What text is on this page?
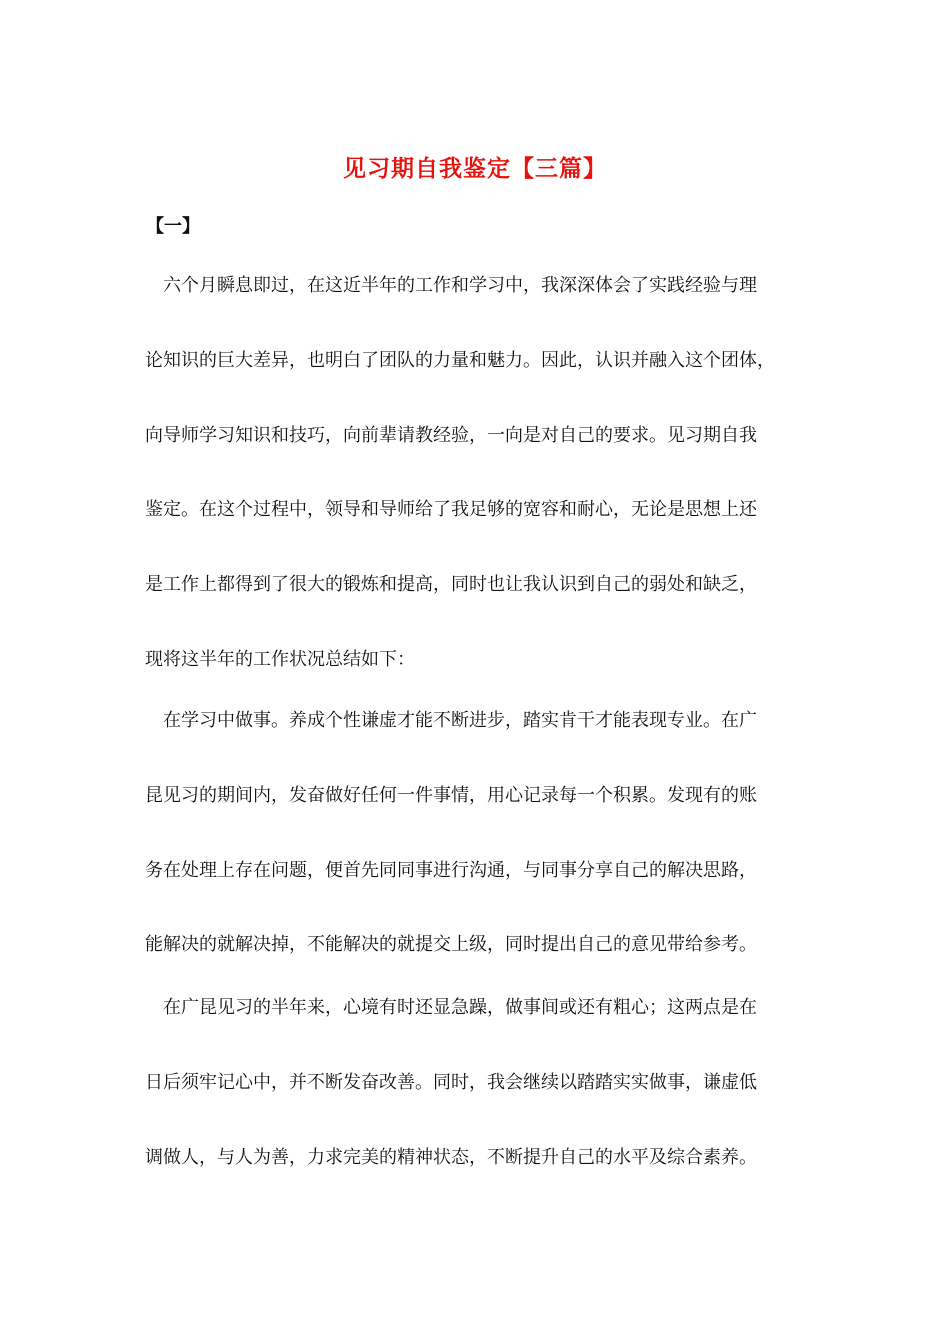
见习期自我鉴定【三篇】
【一】
六个月瞬息即过，在这近半年的工作和学习中，我深深体会了实践经验与理
论知识的巨大差异，也明白了团队的力量和魅力。因此，认识并融入这个团体，
向导师学习知识和技巧，向前辈请教经验，一向是对自己的要求。见习期自我
鉴定。在这个过程中，领导和导师给了我足够的宽容和耐心，无论是思想上还
是工作上都得到了很大的锻炼和提高，同时也让我认识到自己的弱处和缺乏，
现将这半年的工作状况总结如下：
在学习中做事。养成个性谦虚才能不断进步，踏实肯干才能表现专业。在广
昆见习的期间内，发奋做好任何一件事情，用心记录每一个积累。发现有的账
务在处理上存在问题，便首先同同事进行沟通，与同事分享自己的解决思路，
能解决的就解决掉，不能解决的就提交上级，同时提出自己的意见带给参考。
在广昆见习的半年来，心境有时还显急躁，做事间或还有粗心；这两点是在
日后须牢记心中，并不断发奋改善。同时，我会继续以踏踏实实做事，谦虚低
调做人，与人为善，力求完美的精神状态，不断提升自己的水平及综合素养。
